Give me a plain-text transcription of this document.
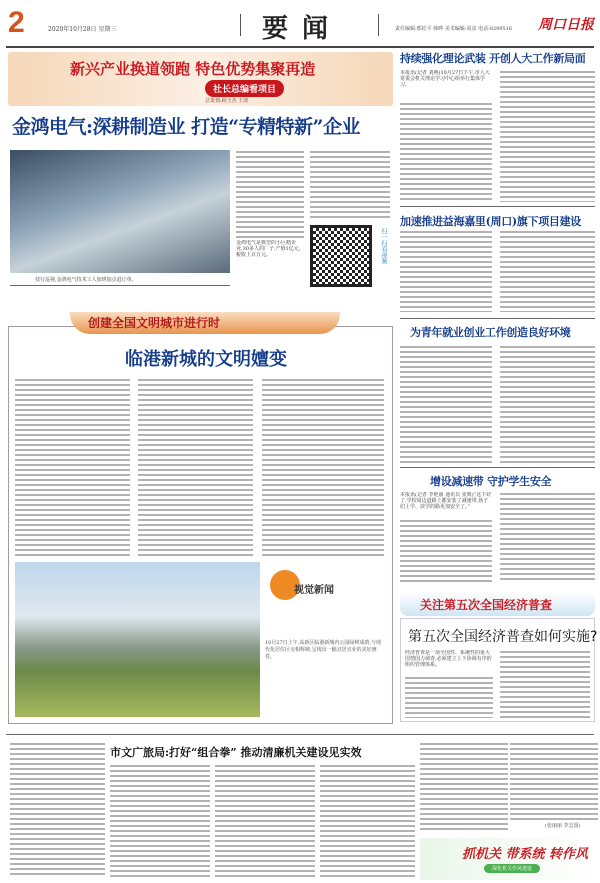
2	2020年10月28日 星期三	要闻	责任编辑:邢松平 韩晔 美术编辑:周彦 电话:8299516 周口日报
新兴产业换道领跑 特色优势集聚再造
社长总编看项目
总策划:顾玉杰 王波
金鸿电气:深耕制造业 打造“专精特新”企业
技行巡视,金鸿电气技术工人加班加点赶订单。
金鸿电气是典型的小巨精企业,30多人的厂子,产值1亿元,税收上百万元。	扫一扫看视频
创建全国文明城市进行时
临港新城的文明嬗变
视觉新闻
10月27日上午,高新区临港新城内公园绿树成荫,与现代化居住区交相辉映,呈现出一幅宜居宜业的美好画卷。
持续强化理论武装 开创人大工作新局面
本报讯(记者 刘燕)10月27日下午,市人大常委会机关理论学习中心组举行集体学习。
加速推进益海嘉里(周口)旗下项目建设
为青年就业创业工作创造良好环境
增设减速带 守护学生安全
本报讯(记者 李艳丽 通讯员 张典)“这下好了,学校周边道路上都安装了减速带,孩子们上学、放学的路更加安全了。”
关注第五次全国经济普查
第五次全国经济普查如何实施?
经济普查是一项全国性、系统性的重大国情国力调查,必须建立上下协调有序的组织管理体系。
市文广旅局:打好“组合拳” 推动清廉机关建设见实效
(张丽丽 李志国)
抓机关 带系统 转作风
深化机关作风建设
